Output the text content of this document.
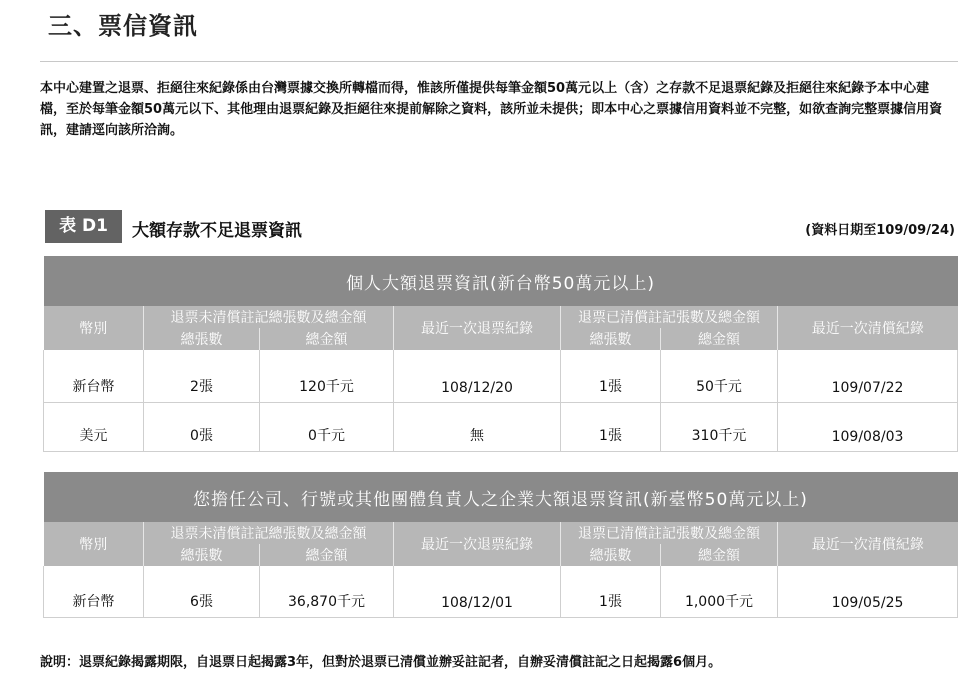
三、票信資訊
本中心建置之退票、拒絕往來紀錄係由台灣票據交換所轉檔而得，惟該所僅提供每筆金額50萬元以上（含）之存款不足退票紀錄及拒絕往來紀錄予本中心建檔，至於每筆金額50萬元以下、其他理由退票紀錄及拒絕往來提前解除之資料，該所並未提供；即本中心之票據信用資料並不完整，如欲查詢完整票據信用資訊，建請逕向該所洽詢。
表 D1	大額存款不足退票資訊	(資料日期至109/09/24)
個人大額退票資訊(新台幣50萬元以上)						
幣別	退票未清償註記總張數及總金額		最近一次退票紀錄	退票已清償註記張數及總金額		最近一次清償紀錄
	總張數	總金額		總張數	總金額	
新台幣	2張	120千元	108/12/20	1張	50千元	109/07/22
美元	0張	0千元	無	1張	310千元	109/08/03
您擔任公司、行號或其他團體負責人之企業大額退票資訊(新臺幣50萬元以上)						
幣別	退票未清償註記總張數及總金額		最近一次退票紀錄	退票已清償註記張數及總金額		最近一次清償紀錄
	總張數	總金額		總張數	總金額	
新台幣	6張	36,870千元	108/12/01	1張	1,000千元	109/05/25
說明：退票紀錄揭露期限，自退票日起揭露3年，但對於退票已清償並辦妥註記者，自辦妥清償註記之日起揭露6個月。
